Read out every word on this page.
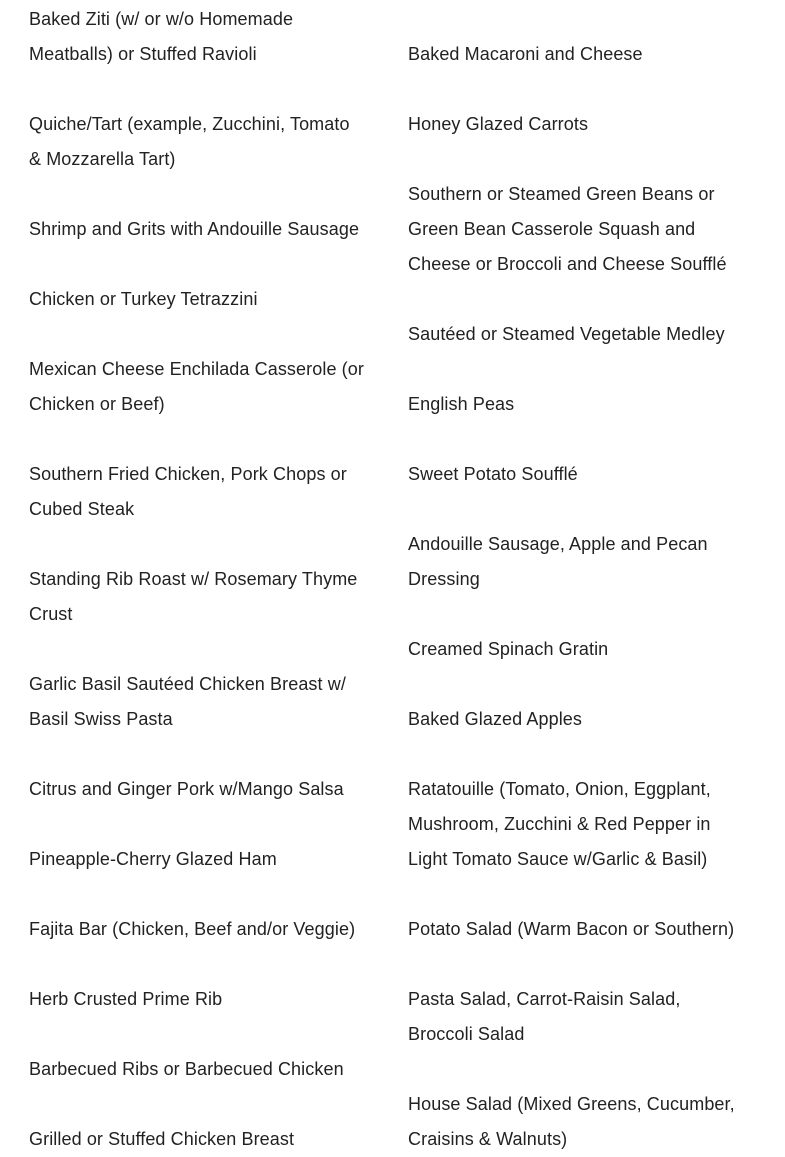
Baked Ziti (w/ or w/o Homemade
Meatballs) or Stuffed Ravioli

Quiche/Tart (example, Zucchini, Tomato
& Mozzarella Tart)

Shrimp and Grits with Andouille Sausage

Chicken or Turkey Tetrazzini

Mexican Cheese Enchilada Casserole (or
Chicken or Beef)

Southern Fried Chicken, Pork Chops or
Cubed Steak

Standing Rib Roast w/ Rosemary Thyme
Crust

Garlic Basil Sautéed Chicken Breast w/
Basil Swiss Pasta

Citrus and Ginger Pork w/Mango Salsa

Pineapple-Cherry Glazed Ham

Fajita Bar (Chicken, Beef and/or Veggie)

Herb Crusted Prime Rib

Barbecued Ribs or Barbecued Chicken

Grilled or Stuffed Chicken Breast

Baked Macaroni and Cheese

Honey Glazed Carrots

Southern or Steamed Green Beans or
Green Bean Casserole Squash and
Cheese or Broccoli and Cheese Soufflé

Sautéed or Steamed Vegetable Medley

English Peas

Sweet Potato Soufflé

Andouille Sausage, Apple and Pecan
Dressing

Creamed Spinach Gratin

Baked Glazed Apples

Ratatouille (Tomato, Onion, Eggplant,
Mushroom, Zucchini & Red Pepper in
Light Tomato Sauce w/Garlic & Basil)

Potato Salad (Warm Bacon or Southern)

Pasta Salad, Carrot-Raisin Salad,
Broccoli Salad

House Salad (Mixed Greens, Cucumber,
Craisins & Walnuts)
